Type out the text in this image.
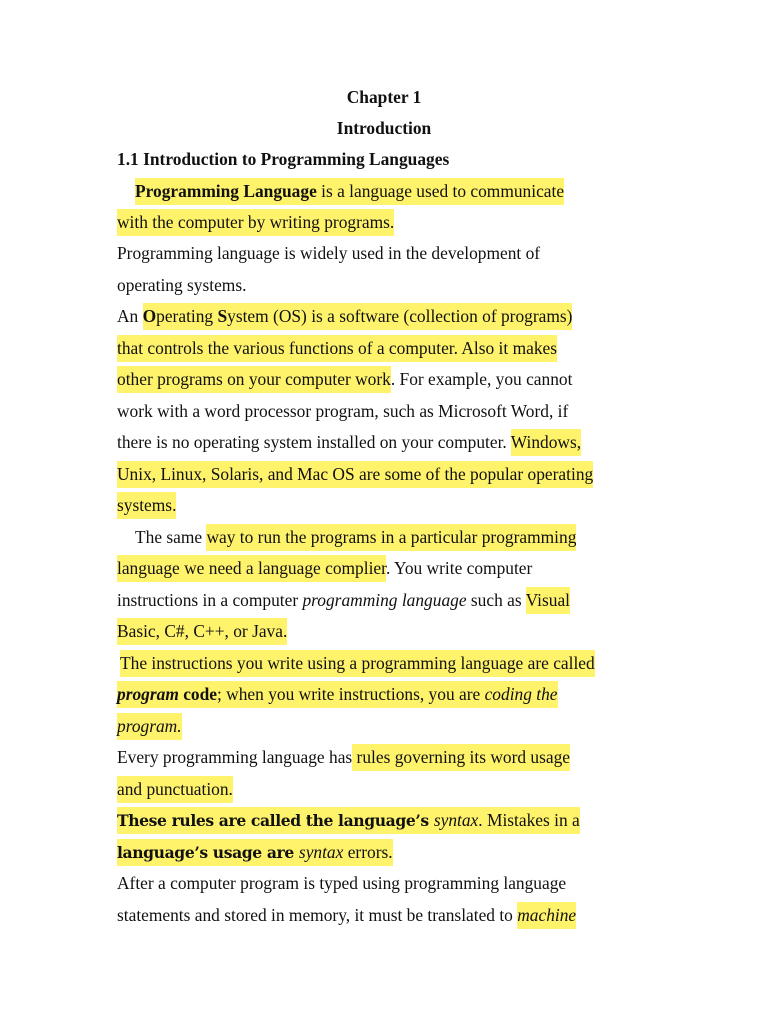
Chapter 1

Introduction

1.1 Introduction to Programming Languages

Programming Language is a language used to communicate

with the computer by writing programs.

Programming language is widely used in the development of

operating systems.

An Operating System (OS) is a software (collection of programs)

that controls the various functions of a computer. Also it makes

other programs on your computer work. For example, you cannot

work with a word processor program, such as Microsoft Word, if

there is no operating system installed on your computer. Windows,

Unix, Linux, Solaris, and Mac OS are some of the popular operating

systems.

The same way to run the programs in a particular programming

language we need a language complier. You write computer

instructions in a computer programming language such as Visual

Basic, C#, C++, or Java.

The instructions you write using a programming language are called

program code; when you write instructions, you are coding the

program.

Every programming language has rules governing its word usage

and punctuation.

These rules are called the language’s syntax. Mistakes in a

language’s usage are syntax errors.

After a computer program is typed using programming language

statements and stored in memory, it must be translated to machine
